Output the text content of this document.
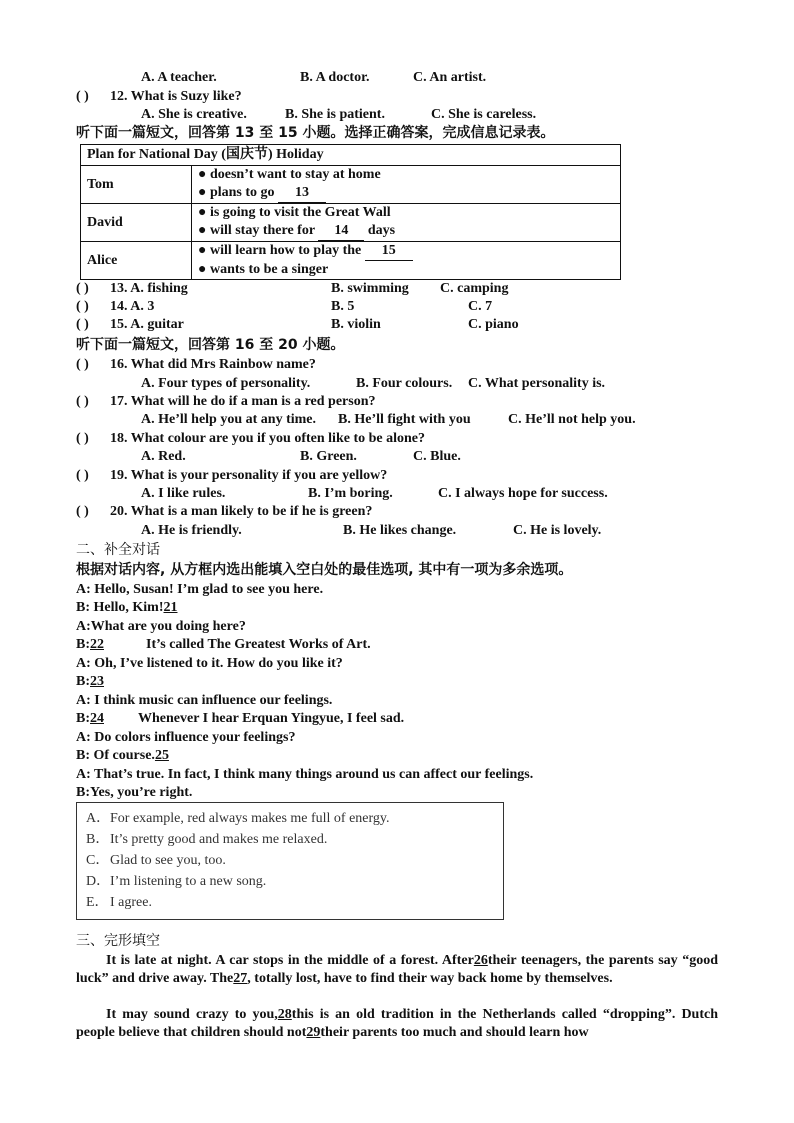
A. A teacher.	B. A doctor.	C. An artist.
( ) 12. What is Suzy like?
A. She is creative.	B. She is patient.	C. She is careless.
听下面一篇短文，回答第 13 至 15 小题。选择正确答案，完成信息记录表。
Plan for National Day (国庆节) Holiday	
Tom	● doesn’t want to stay at home
● plans to go 13

David	● is going to visit the Great Wall
● will stay there for 14 days

Alice	● will learn how to play the 15
● wants to be a singer
( ) 13. A. fishing	B. swimming C. camping
( ) 14. A. 3	B. 5	C. 7
( ) 15. A. guitar	B. violin	C. piano
听下面一篇短文，回答第 16 至 20 小题。
( ) 16. What did Mrs Rainbow name?
A. Four types of personality.	B. Four colours. C. What personality is.
( ) 17. What will he do if a man is a red person?
A. He’ll help you at any time. B. He’ll fight with you	C. He’ll not help you.
( ) 18. What colour are you if you often like to be alone?
A. Red.	B. Green.	C. Blue.
( ) 19. What is your personality if you are yellow?
A. I like rules.	B. I’m boring.	C. I always hope for success.
( ) 20. What is a man likely to be if he is green?
A. He is friendly.	B. He likes change.	C. He is lovely.
二、补全对话
根据对话内容, 从方框内选出能填入空白处的最佳选项, 其中有一项为多余选项。
A: Hello, Susan! I’m glad to see you here.
B: Hello, Kim!21
A:What are you doing here?
B:22	It’s called The Greatest Works of Art.
A: Oh, I’ve listened to it. How do you like it?
B:23
A: I think music can influence our feelings.
B:24Whenever I hear Erquan Yingyue, I feel sad.
A: Do colors influence your feelings?
B: Of course.25
A: That’s true. In fact, I think many things around us can affect our feelings.
B:Yes, you’re right.
A．For example, red always makes me full of energy.
B．It’s pretty good and makes me relaxed.
C．Glad to see you, too.
D．I’m listening to a new song.
E．I agree.
三、完形填空
It is late at night. A car stops in the middle of a forest. After26their teenagers, the parents say “good luck” and drive away. The27, totally lost, have to find their way back home by themselves.
It may sound crazy to you,28this is an old tradition in the Netherlands called “dropping”. Dutch people believe that children should not29their parents too much and should learn how
